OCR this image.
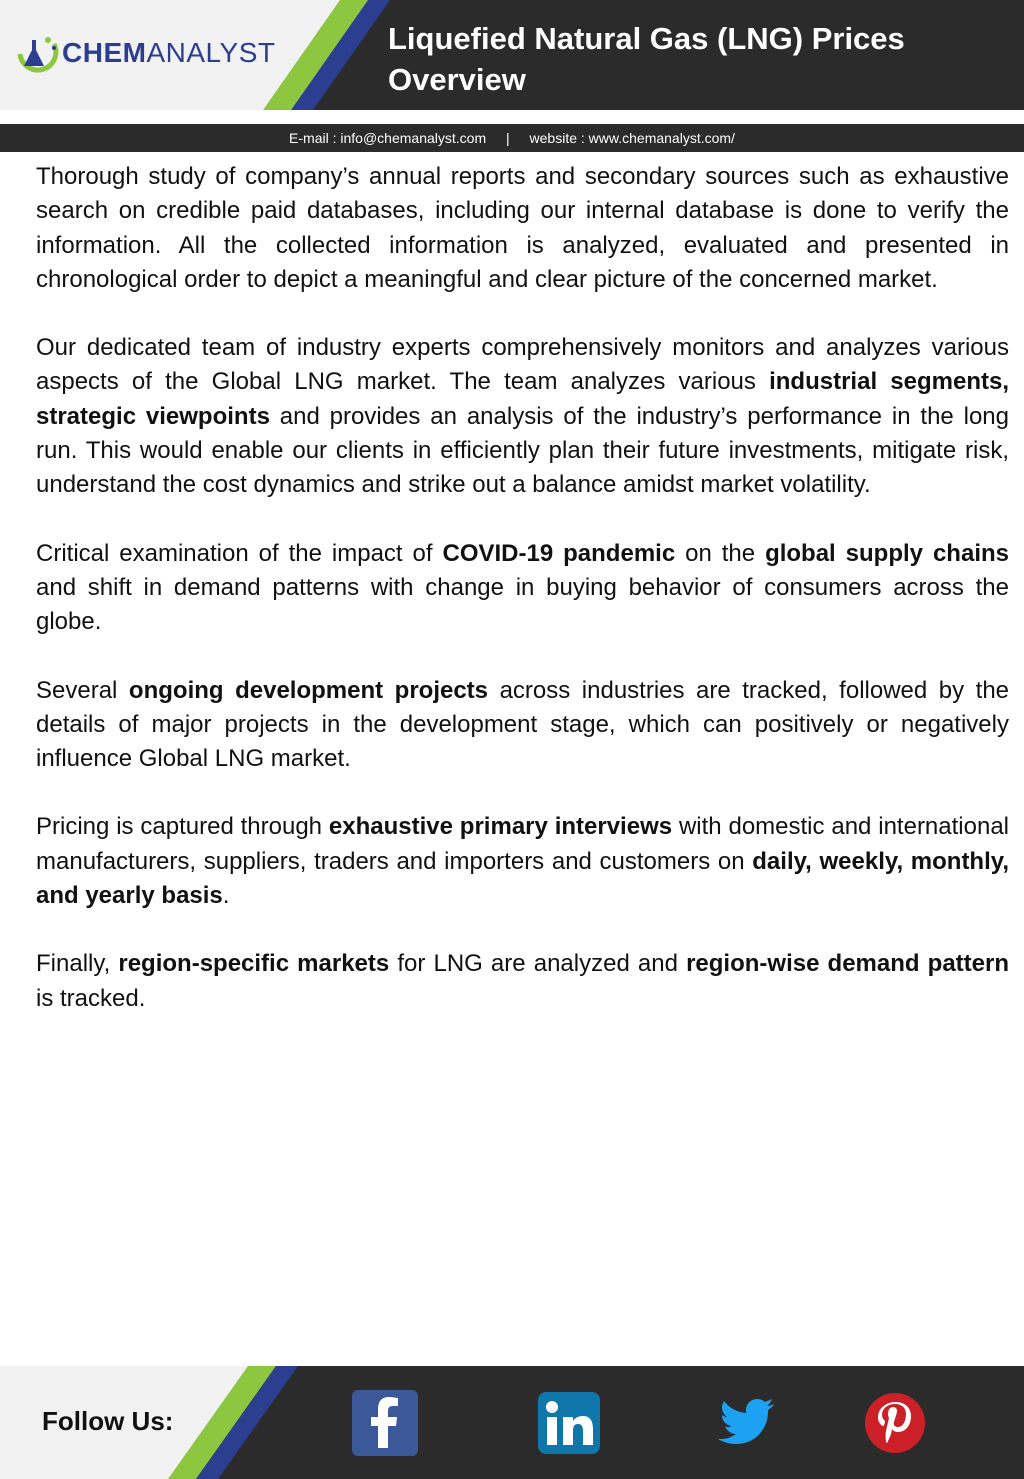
CHEMANALYST	Liquefied Natural Gas (LNG) Prices Overview
E-mail : info@chemanalyst.com | website : www.chemanalyst.com/

Thorough study of company’s annual reports and secondary sources such as exhaustive search on credible paid databases, including our internal database is done to verify the information. All the collected information is analyzed, evaluated and presented in chronological order to depict a meaningful and clear picture of the concerned market.

Our dedicated team of industry experts comprehensively monitors and analyzes various aspects of the Global LNG market. The team analyzes various industrial segments, strategic viewpoints and provides an analysis of the industry’s performance in the long run. This would enable our clients in efficiently plan their future investments, mitigate risk, understand the cost dynamics and strike out a balance amidst market volatility.

Critical examination of the impact of COVID-19 pandemic on the global supply chains and shift in demand patterns with change in buying behavior of consumers across the globe.

Several ongoing development projects across industries are tracked, followed by the details of major projects in the development stage, which can positively or negatively influence Global LNG market.

Pricing is captured through exhaustive primary interviews with domestic and international manufacturers, suppliers, traders and importers and customers on daily, weekly, monthly, and yearly basis.

Finally, region-specific markets for LNG are analyzed and region-wise demand pattern is tracked.

Follow Us:
